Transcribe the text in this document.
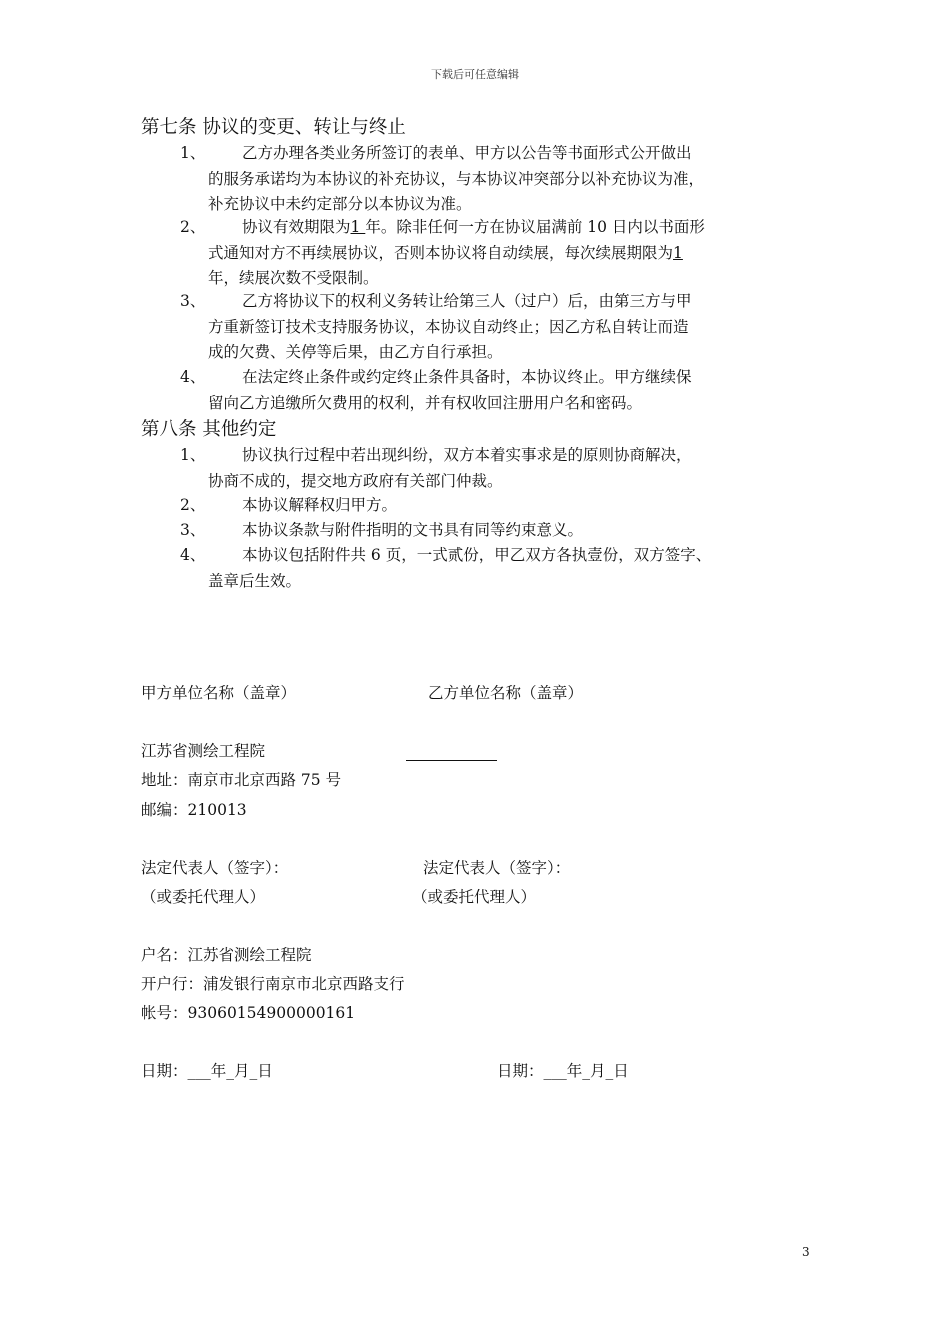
下载后可任意编辑
第七条 协议的变更、转让与终止
1、	乙方办理各类业务所签订的表单、甲方以公告等书面形式公开做出
的服务承诺均为本协议的补充协议，与本协议冲突部分以补充协议为准，
补充协议中未约定部分以本协议为准。
2、	协议有效期限为1 年。除非任何一方在协议届满前 10 日内以书面形
式通知对方不再续展协议，否则本协议将自动续展，每次续展期限为1
年，续展次数不受限制。
3、	乙方将协议下的权利义务转让给第三人（过户）后，由第三方与甲
方重新签订技术支持服务协议，本协议自动终止；因乙方私自转让而造
成的欠费、关停等后果，由乙方自行承担。
4、	在法定终止条件或约定终止条件具备时，本协议终止。甲方继续保
留向乙方追缴所欠费用的权利，并有权收回注册用户名和密码。
第八条 其他约定
1、	协议执行过程中若出现纠纷，双方本着实事求是的原则协商解决，
协商不成的，提交地方政府有关部门仲裁。
2、	本协议解释权归甲方。
3、	本协议条款与附件指明的文书具有同等约束意义。
4、	本协议包括附件共 6 页，一式贰份，甲乙双方各执壹份，双方签字、
盖章后生效。
甲方单位名称（盖章）	乙方单位名称（盖章）
江苏省测绘工程院
地址：南京市北京西路 75 号
邮编：210013
法定代表人（签字）：	法定代表人（签字）：
（或委托代理人）	（或委托代理人）
户名：江苏省测绘工程院
开户行：浦发银行南京市北京西路支行
帐号：93060154900000161
日期：___年_月_日	日期：___年_月_日
3
